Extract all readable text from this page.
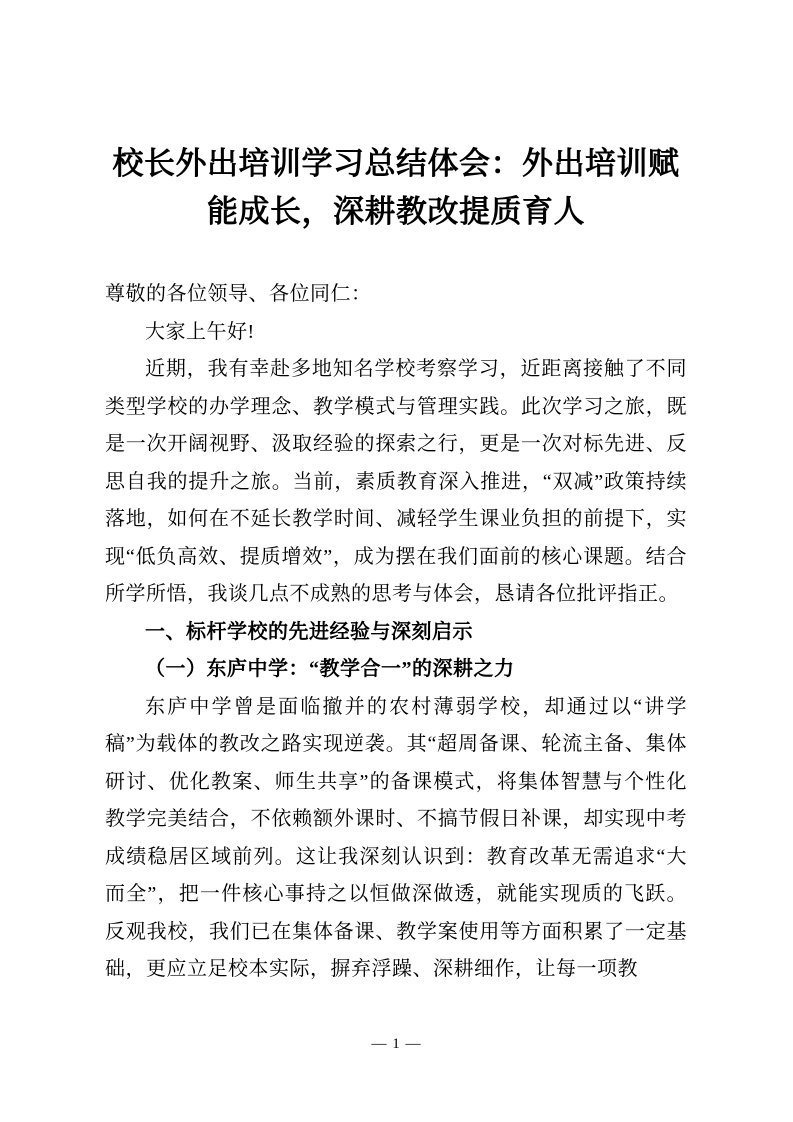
校长外出培训学习总结体会：外出培训赋
能成长，深耕教改提质育人

尊敬的各位领导、各位同仁：

大家上午好!

近期，我有幸赴多地知名学校考察学习，近距离接触了不同类型学校的办学理念、教学模式与管理实践。此次学习之旅，既是一次开阔视野、汲取经验的探索之行，更是一次对标先进、反思自我的提升之旅。当前，素质教育深入推进，“双减”政策持续落地，如何在不延长教学时间、减轻学生课业负担的前提下，实现“低负高效、提质增效”，成为摆在我们面前的核心课题。结合所学所悟，我谈几点不成熟的思考与体会，恳请各位批评指正。

一、标杆学校的先进经验与深刻启示

（一）东庐中学：“教学合一”的深耕之力

东庐中学曾是面临撤并的农村薄弱学校，却通过以“讲学稿”为载体的教改之路实现逆袭。其“超周备课、轮流主备、集体研讨、优化教案、师生共享”的备课模式，将集体智慧与个性化教学完美结合，不依赖额外课时、不搞节假日补课，却实现中考成绩稳居区域前列。这让我深刻认识到：教育改革无需追求“大而全”，把一件核心事持之以恒做深做透，就能实现质的飞跃。反观我校，我们已在集体备课、教学案使用等方面积累了一定基础，更应立足校本实际，摒弃浮躁、深耕细作，让每一项教

— 1 —
